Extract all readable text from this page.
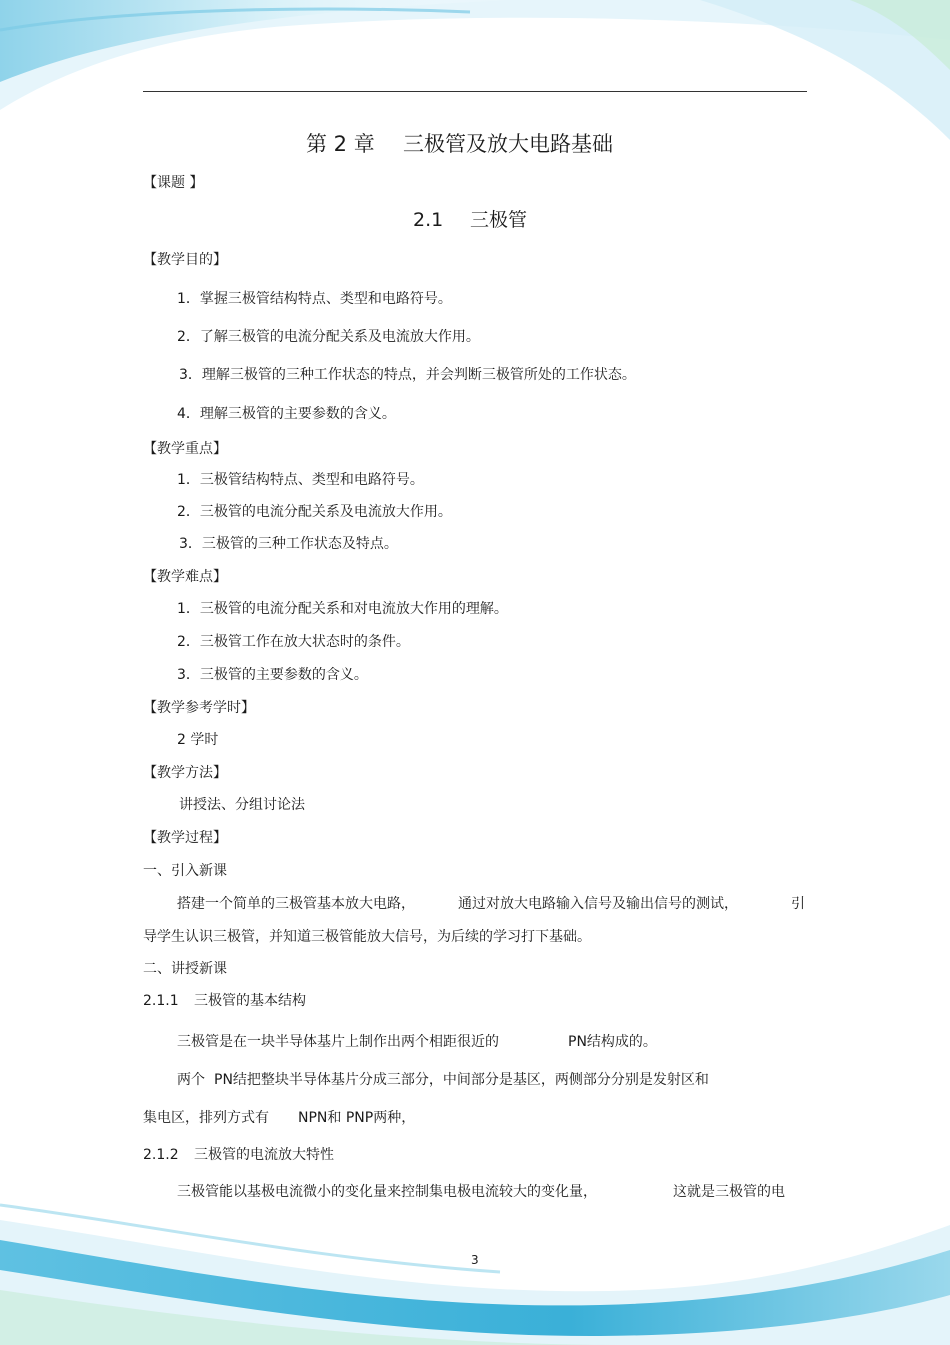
第 2 章 三极管及放大电路基础
【课题 】
2.1 三极管
【教学目的】
1．掌握三极管结构特点、类型和电路符号。
2．了解三极管的电流分配关系及电流放大作用。
3．理解三极管的三种工作状态的特点，并会判断三极管所处的工作状态。
4．理解三极管的主要参数的含义。
【教学重点】
1．三极管结构特点、类型和电路符号。
2．三极管的电流分配关系及电流放大作用。
3．三极管的三种工作状态及特点。
【教学难点】
1．三极管的电流分配关系和对电流放大作用的理解。
2．三极管工作在放大状态时的条件。
3．三极管的主要参数的含义。
【教学参考学时】
2 学时
【教学方法】
讲授法、分组讨论法
【教学过程】
一、引入新课
搭建一个简单的三极管基本放大电路，	通过对放大电路输入信号及输出信号的测试，	引
导学生认识三极管，并知道三极管能放大信号，为后续的学习打下基础。
二、讲授新课
2.1.1 三极管的基本结构
三极管是在一块半导体基片上制作出两个相距很近的	PN结构成的。
两个 PN结把整块半导体基片分成三部分，中间部分是基区，两侧部分分别是发射区和
集电区，排列方式有 NPN和 PNP两种，
2.1.2 三极管的电流放大特性
三极管能以基极电流微小的变化量来控制集电极电流较大的变化量，	这就是三极管的电
3
